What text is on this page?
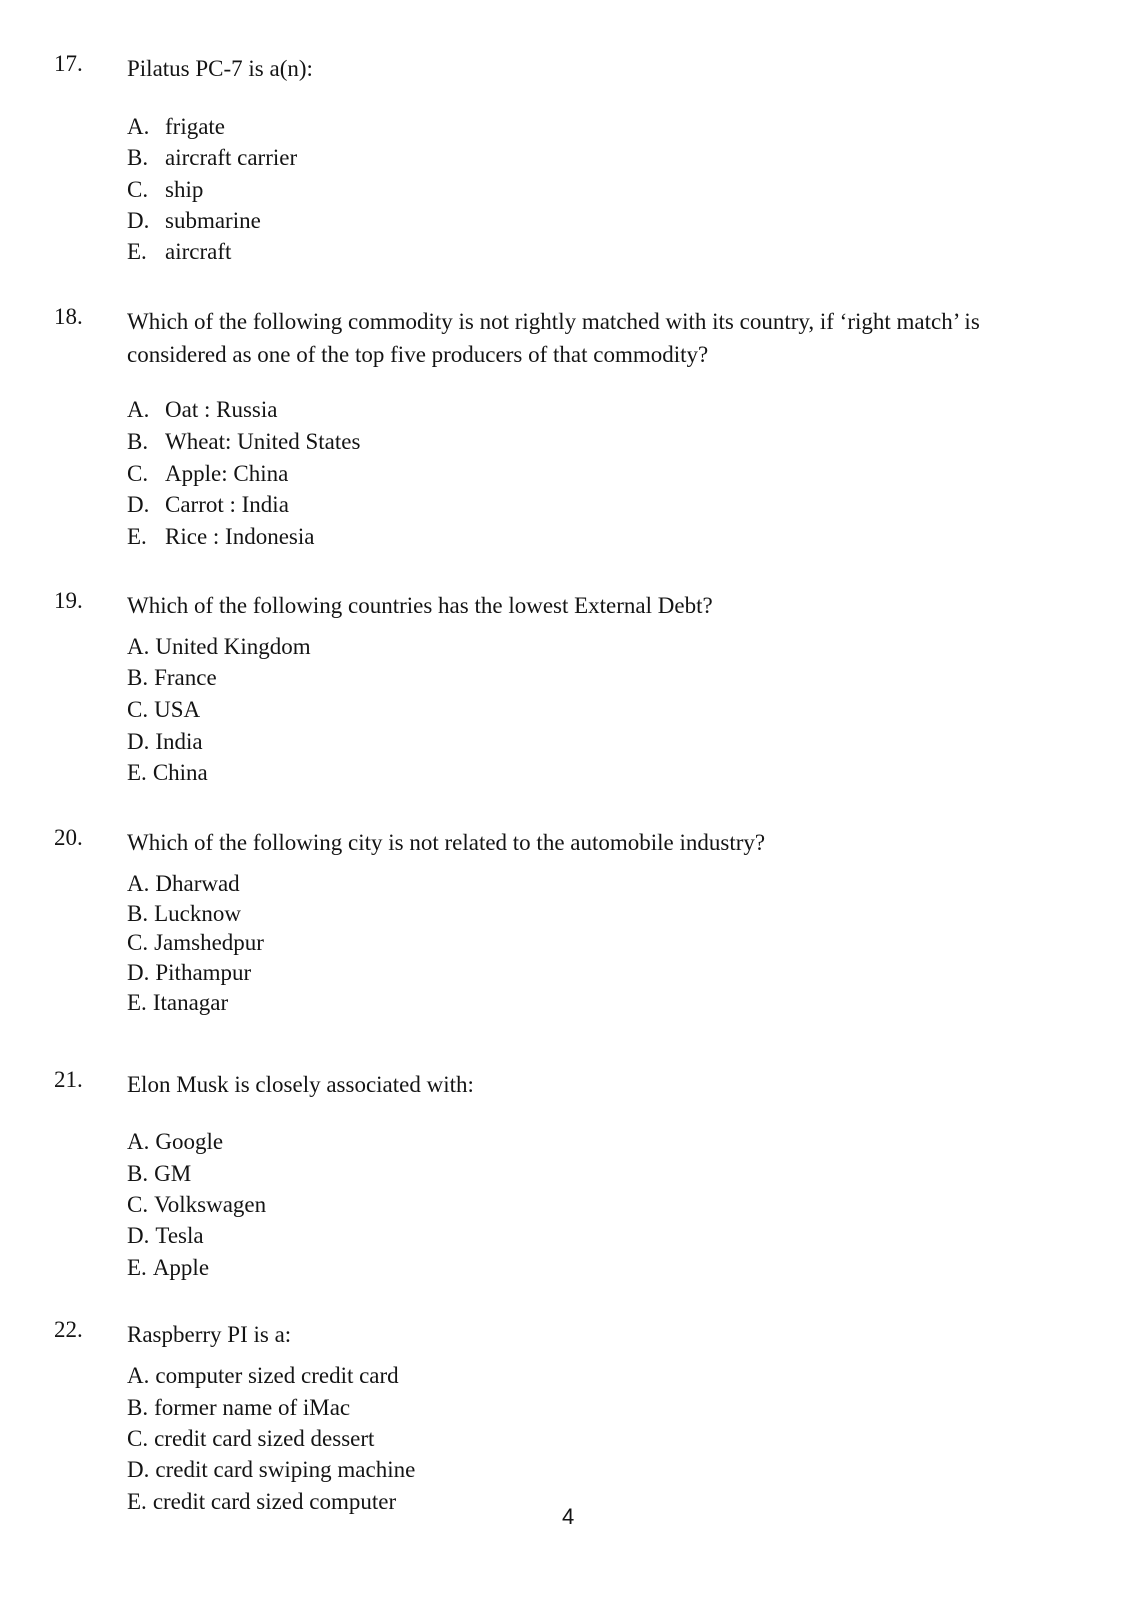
17. Pilatus PC-7 is a(n):
A. frigate
B. aircraft carrier
C. ship
D. submarine
E. aircraft
18. Which of the following commodity is not rightly matched with its country, if ‘right match’ is considered as one of the top five producers of that commodity?
A. Oat : Russia
B. Wheat: United States
C. Apple: China
D. Carrot : India
E. Rice : Indonesia
19. Which of the following countries has the lowest External Debt?
A. United Kingdom
B. France
C. USA
D. India
E. China
20. Which of the following city is not related to the automobile industry?
A. Dharwad
B. Lucknow
C. Jamshedpur
D. Pithampur
E. Itanagar
21. Elon Musk is closely associated with:
A. Google
B. GM
C. Volkswagen
D. Tesla
E. Apple
22. Raspberry PI is a:
A. computer sized credit card
B. former name of iMac
C. credit card sized dessert
D. credit card swiping machine
E. credit card sized computer
4
